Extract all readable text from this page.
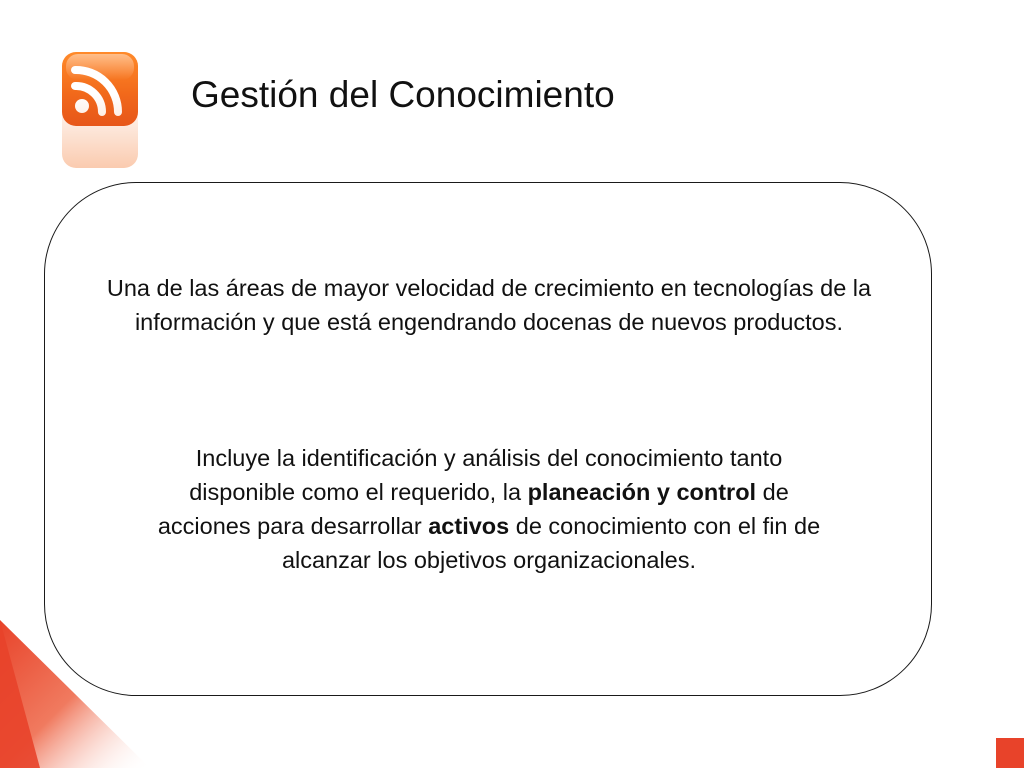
Gestión del Conocimiento
Una de las áreas de mayor velocidad de crecimiento en tecnologías de la información y que está engendrando docenas de nuevos productos.
Incluye la identificación y análisis del conocimiento tanto disponible como el requerido, la planeación y control de acciones para desarrollar activos de conocimiento con el fin de alcanzar los objetivos organizacionales.
